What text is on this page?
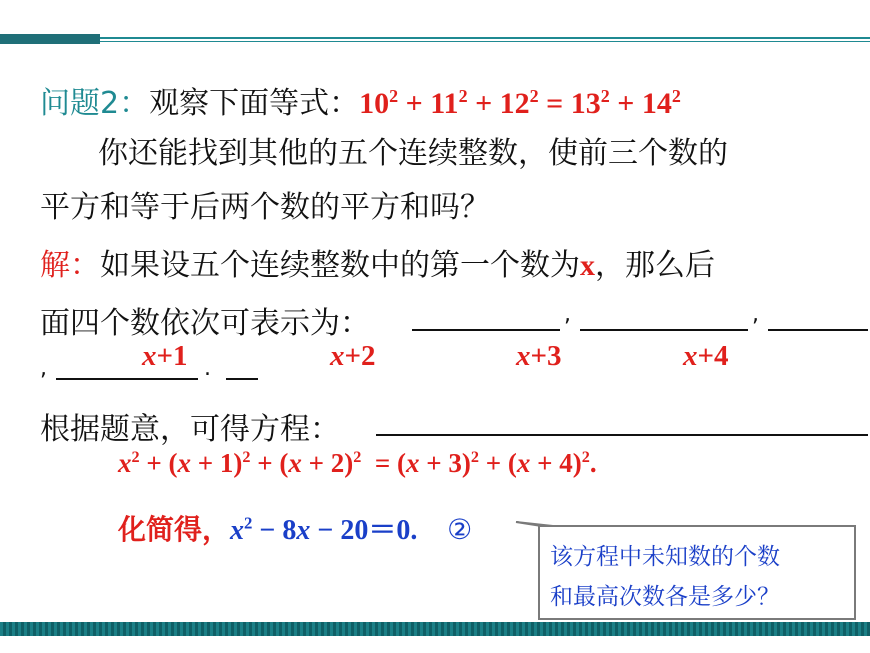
问题2：观察下面等式：$10^2 + 11^2 + 12^2 = 13^2 + 14^2$
你还能找到其他的五个连续整数，使前三个数的
平方和等于后两个数的平方和吗？
解：如果设五个连续整数中的第一个数为x，那么后
面四个数依次可表示为：	,	,
,	.
x+1	x+2	x+3	x+4
根据题意，可得方程：
$x^2 + (x + 1)^2 + (x + 2)^2 = (x + 3)^2 + (x + 4)^2$.
化简得，$x^2 - 8x - 20=0$. ②
该方程中未知数的个数
和最高次数各是多少？
